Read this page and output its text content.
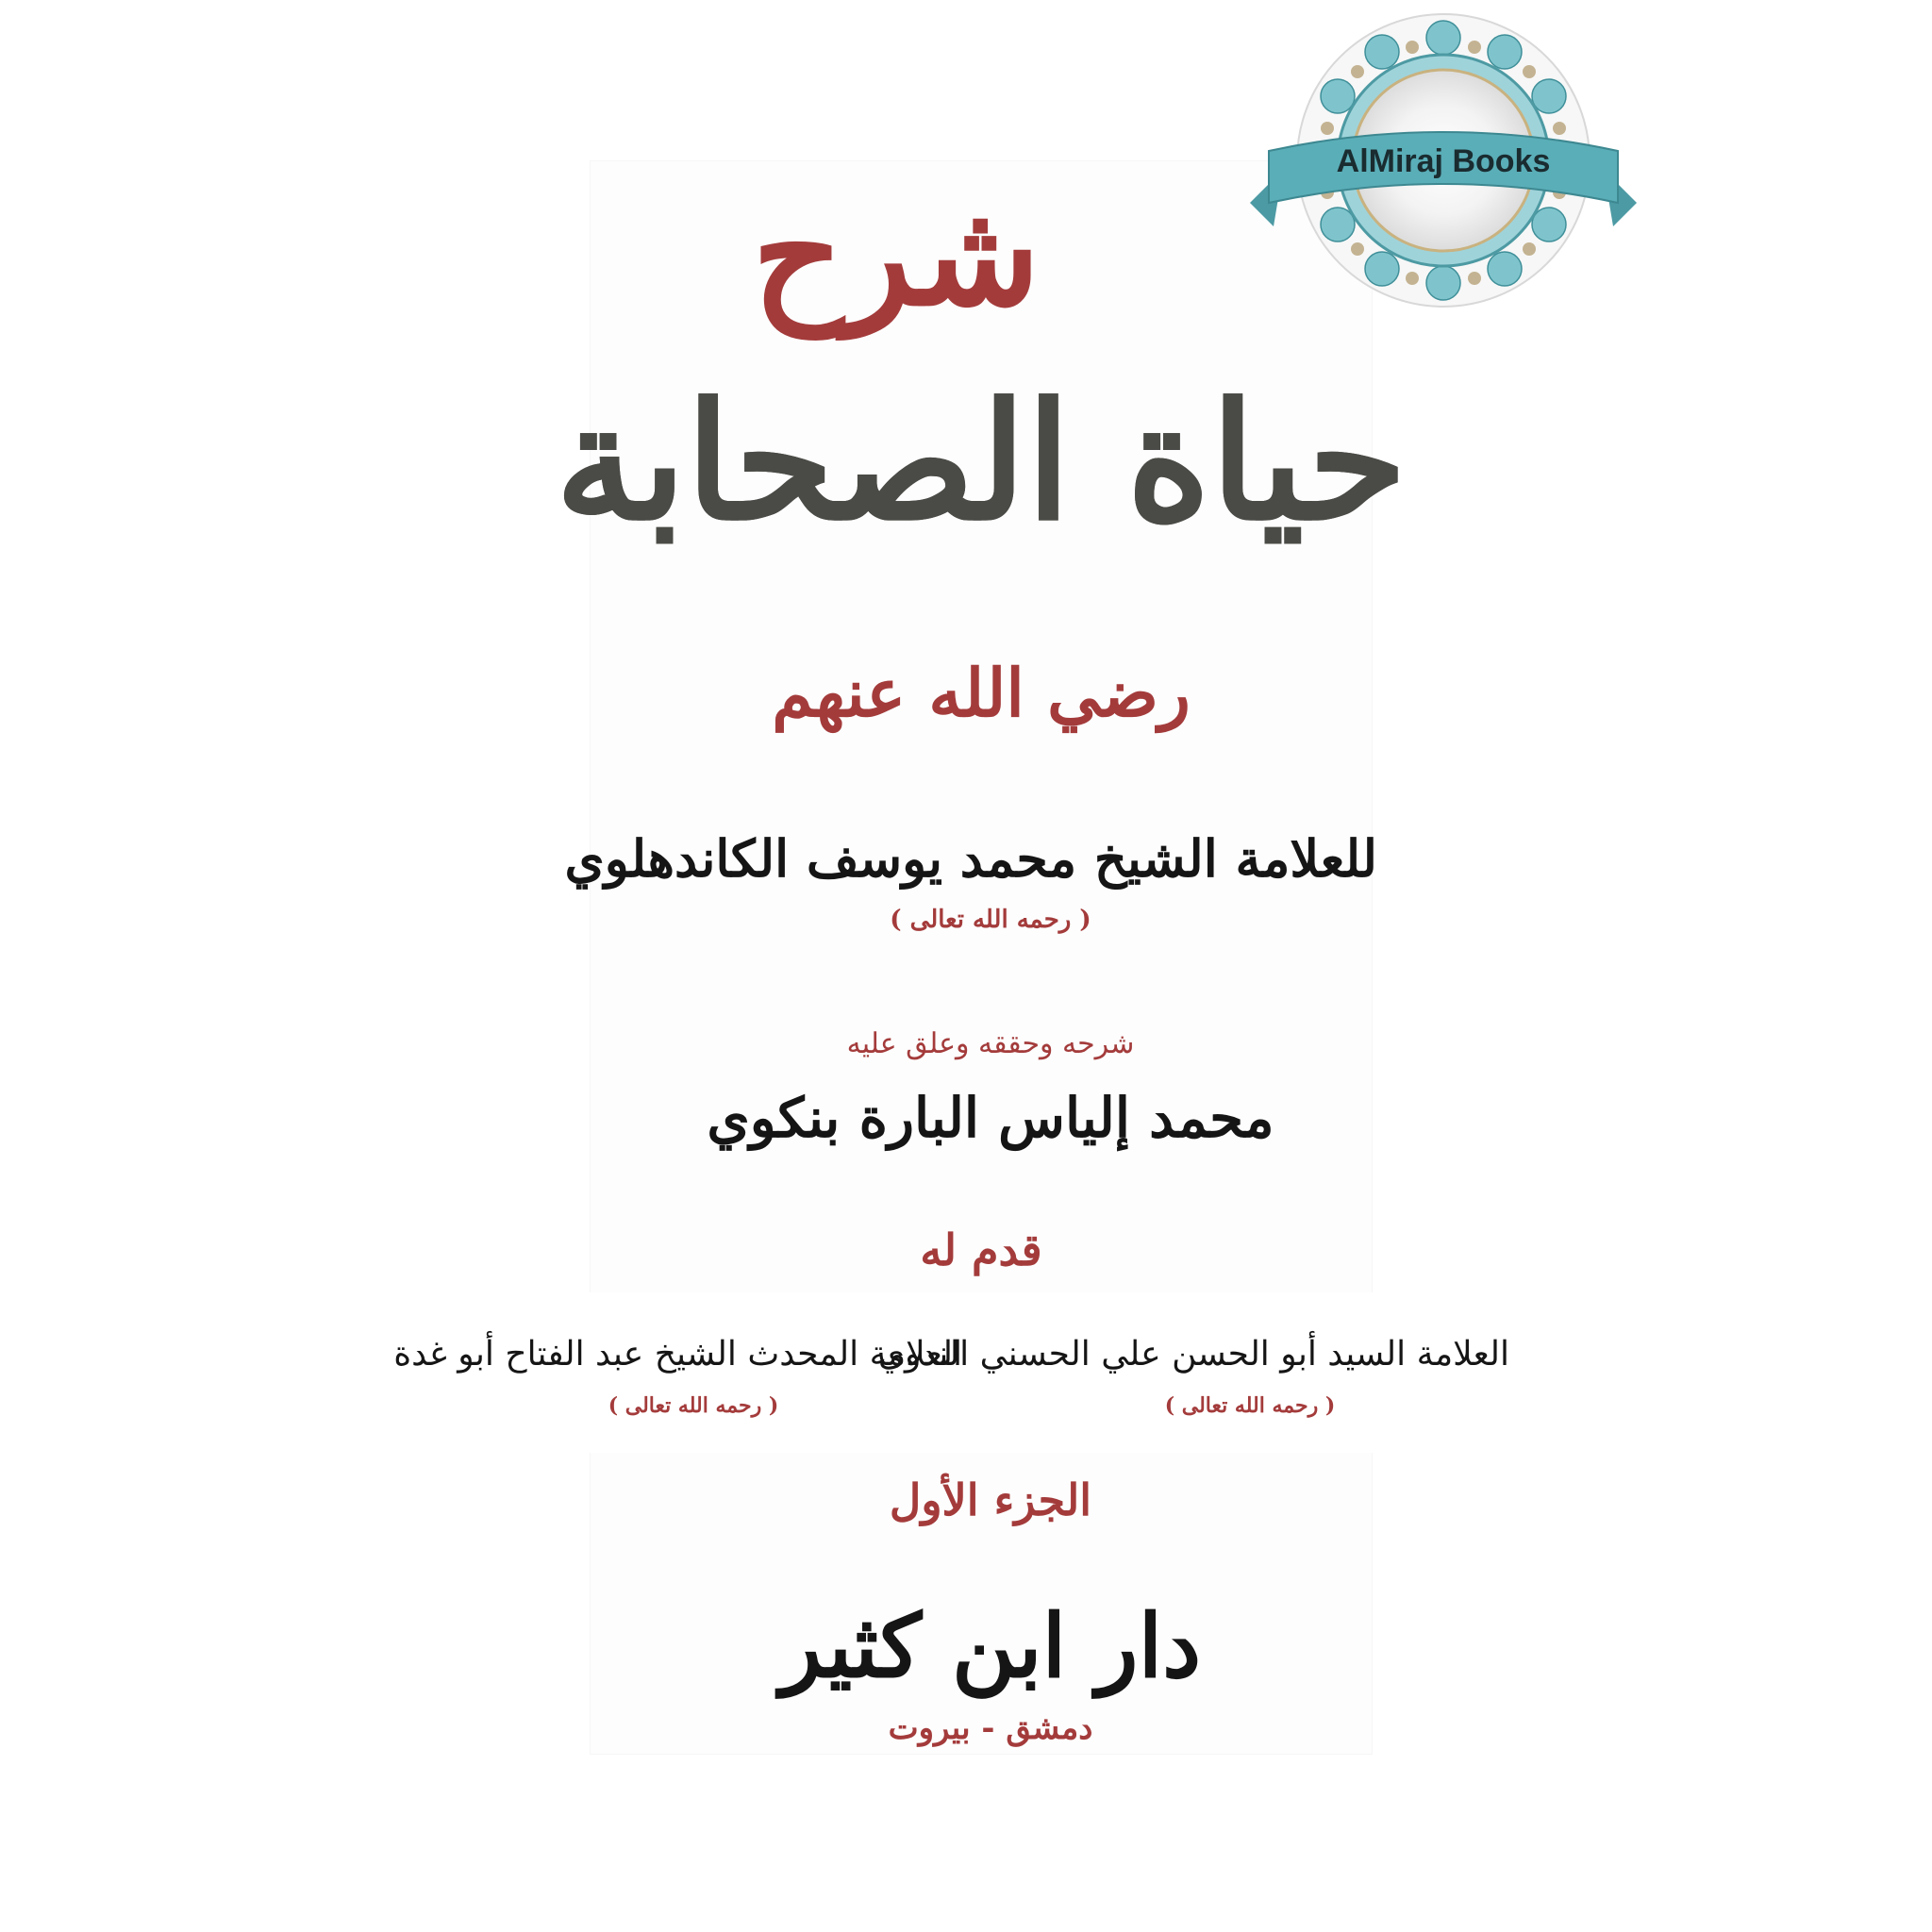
شرح
حياة الصحابة
رضي الله عنهم
للعلامة الشيخ محمد يوسف الكاندهلوي
( رحمه الله تعالى )
شرحه وحققه وعلق عليه
محمد إلياس البارة بنكوي
قدم له
العلامة السيد أبو الحسن علي الحسني الندوي
( رحمه الله تعالى )
العلامة المحدث الشيخ عبد الفتاح أبو غدة
( رحمه الله تعالى )
الجزء الأول
دار ابن كثير
دمشق - بيروت
AlMiraj Books
